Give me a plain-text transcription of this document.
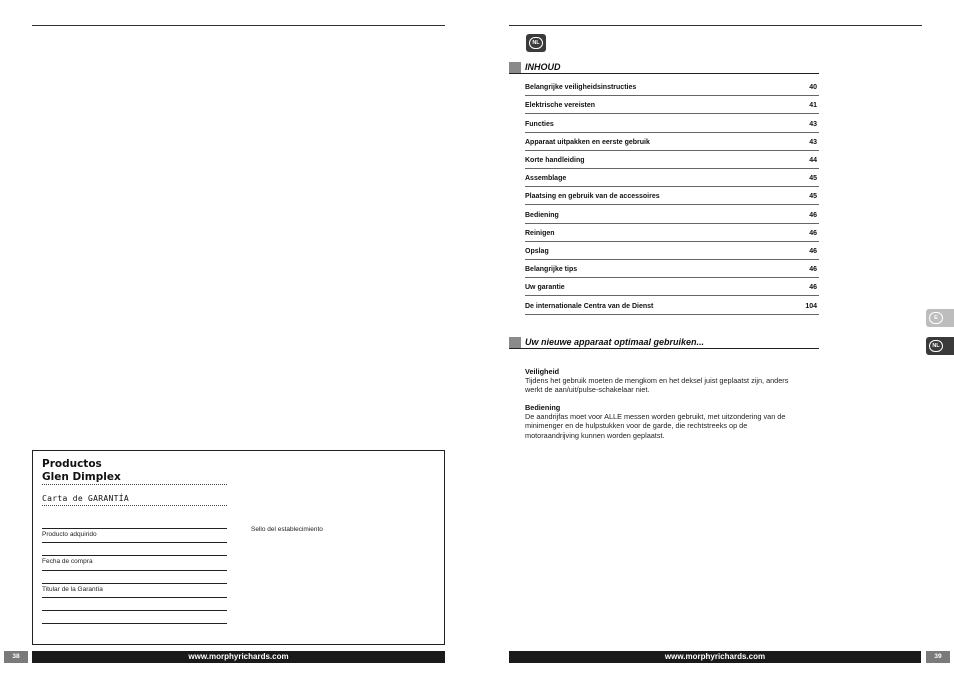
Productos
Glen Dimplex
Carta de GARANTÍA
Producto adquirido
Fecha de compra
Titular de la Garantía
Sello del establecimiento
38	www.morphyrichards.com
NL
INHOUD
Belangrijke veiligheidsinstructies	40
Elektrische vereisten	41
Functies	43
Apparaat uitpakken en eerste gebruik	43
Korte handleiding	44
Assemblage	45
Plaatsing en gebruik van de accessoires	45
Bediening	46
Reinigen	46
Opslag	46
Belangrijke tips	46
Uw garantie	46
De internationale Centra van de Dienst	104
Uw nieuwe apparaat optimaal gebruiken...
Veiligheid
Tijdens het gebruik moeten de mengkom en het deksel juist geplaatst zijn, anders
werkt de aan/uit/pulse-schakelaar niet.
Bediening
De aandrijfas moet voor ALLE messen worden gebruikt, met uitzondering van de
minimenger en de hulpstukken voor de garde, die rechtstreeks op de
motoraandrijving kunnen worden geplaatst.
E
NL
www.morphyrichards.com	39
